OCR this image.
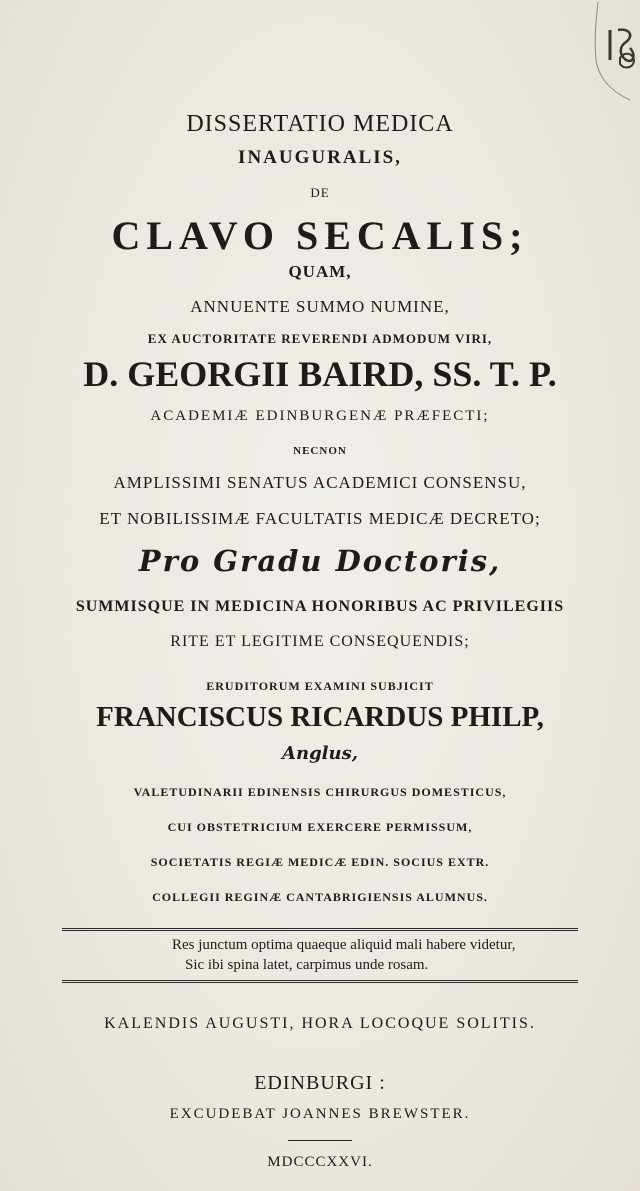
DISSERTATIO MEDICA
INAUGURALIS,
DE
CLAVO SECALIS;
QUAM,
ANNUENTE SUMMO NUMINE,
EX AUCTORITATE REVERENDI ADMODUM VIRI,
D. GEORGII BAIRD, SS. T. P.
ACADEMIÆ EDINBURGENÆ PRÆFECTI;
NECNON
AMPLISSIMI SENATUS ACADEMICI CONSENSU,
ET NOBILISSIMÆ FACULTATIS MEDICÆ DECRETO;
Pro Gradu Doctoris,
SUMMISQUE IN MEDICINA HONORIBUS AC PRIVILEGIIS
RITE ET LEGITIME CONSEQUENDIS;
ERUDITORUM EXAMINI SUBJICIT
FRANCISCUS RICARDUS PHILP,
Anglus,
VALETUDINARII EDINENSIS CHIRURGUS DOMESTICUS,
CUI OBSTETRICIUM EXERCERE PERMISSUM,
SOCIETATIS REGIÆ MEDICÆ EDIN. SOCIUS EXTR.
COLLEGII REGINÆ CANTABRIGIENSIS ALUMNUS.
Res junctum optima quaeque aliquid mali habere videtur,
Sic ibi spina latet, carpimus unde rosam.
KALENDIS AUGUSTI, HORA LOCOQUE SOLITIS.
EDINBURGI :
EXCUDEBAT JOANNES BREWSTER.
MDCCCXXVI.
